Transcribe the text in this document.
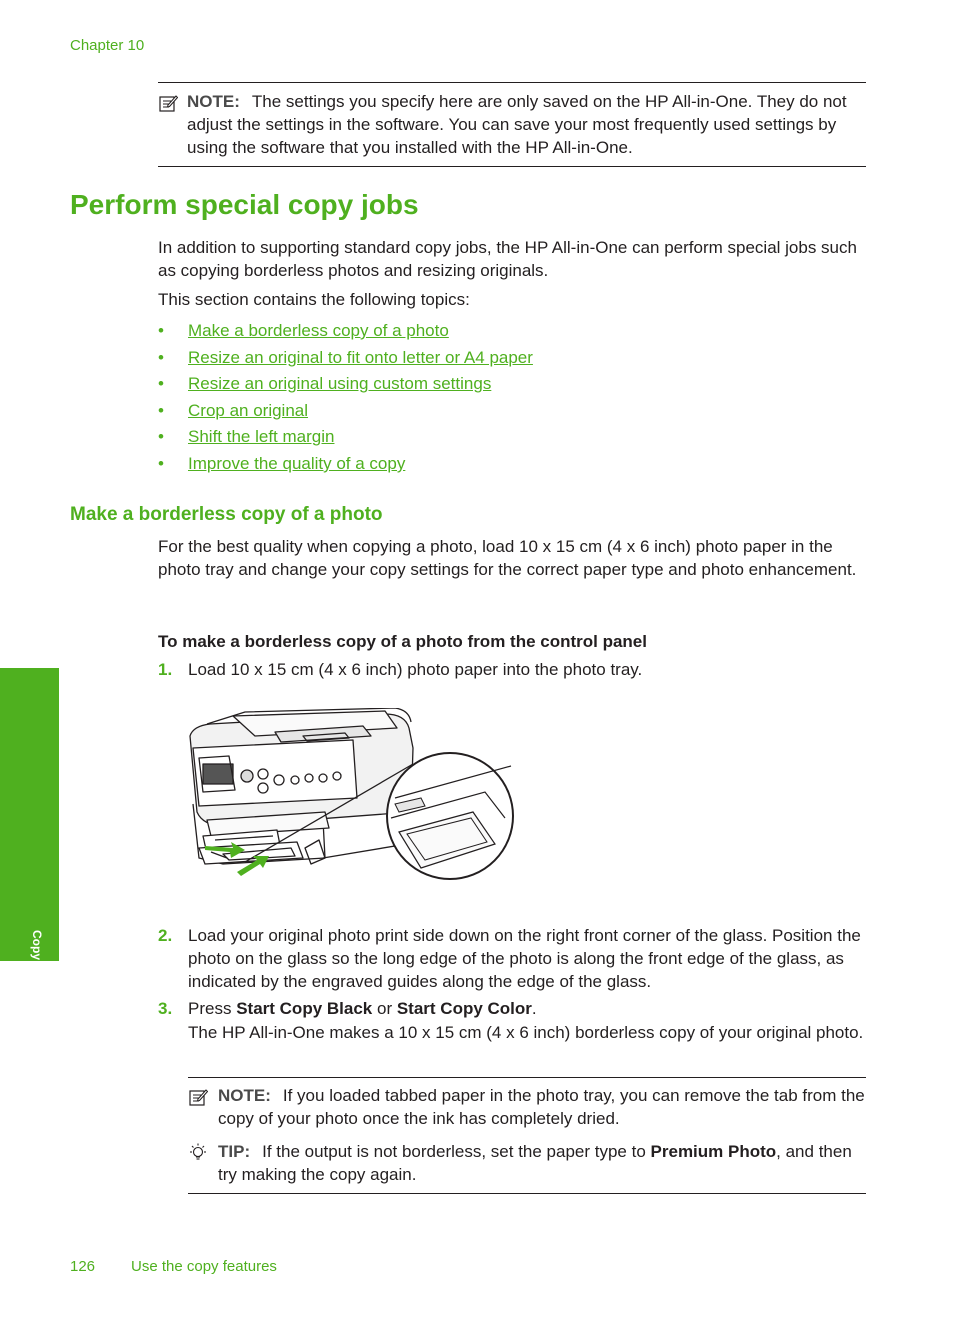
Chapter 10
NOTE: The settings you specify here are only saved on the HP All-in-One. They do not adjust the settings in the software. You can save your most frequently used settings by using the software that you installed with the HP All-in-One.
Perform special copy jobs
In addition to supporting standard copy jobs, the HP All-in-One can perform special jobs such as copying borderless photos and resizing originals.
This section contains the following topics:
•	Make a borderless copy of a photo
•	Resize an original to fit onto letter or A4 paper
•	Resize an original using custom settings
•	Crop an original
•	Shift the left margin
•	Improve the quality of a copy
Make a borderless copy of a photo
For the best quality when copying a photo, load 10 x 15 cm (4 x 6 inch) photo paper in the photo tray and change your copy settings for the correct paper type and photo enhancement.
To make a borderless copy of a photo from the control panel
1. Load 10 x 15 cm (4 x 6 inch) photo paper into the photo tray.
Copy	2. Load your original photo print side down on the right front corner of the glass. Position the photo on the glass so the long edge of the photo is along the front edge of the glass, as indicated by the engraved guides along the edge of the glass.
3. Press Start Copy Black or Start Copy Color.
The HP All-in-One makes a 10 x 15 cm (4 x 6 inch) borderless copy of your original photo.
NOTE: If you loaded tabbed paper in the photo tray, you can remove the tab from the copy of your photo once the ink has completely dried.
TIP: If the output is not borderless, set the paper type to Premium Photo, and then try making the copy again.
126 Use the copy features
